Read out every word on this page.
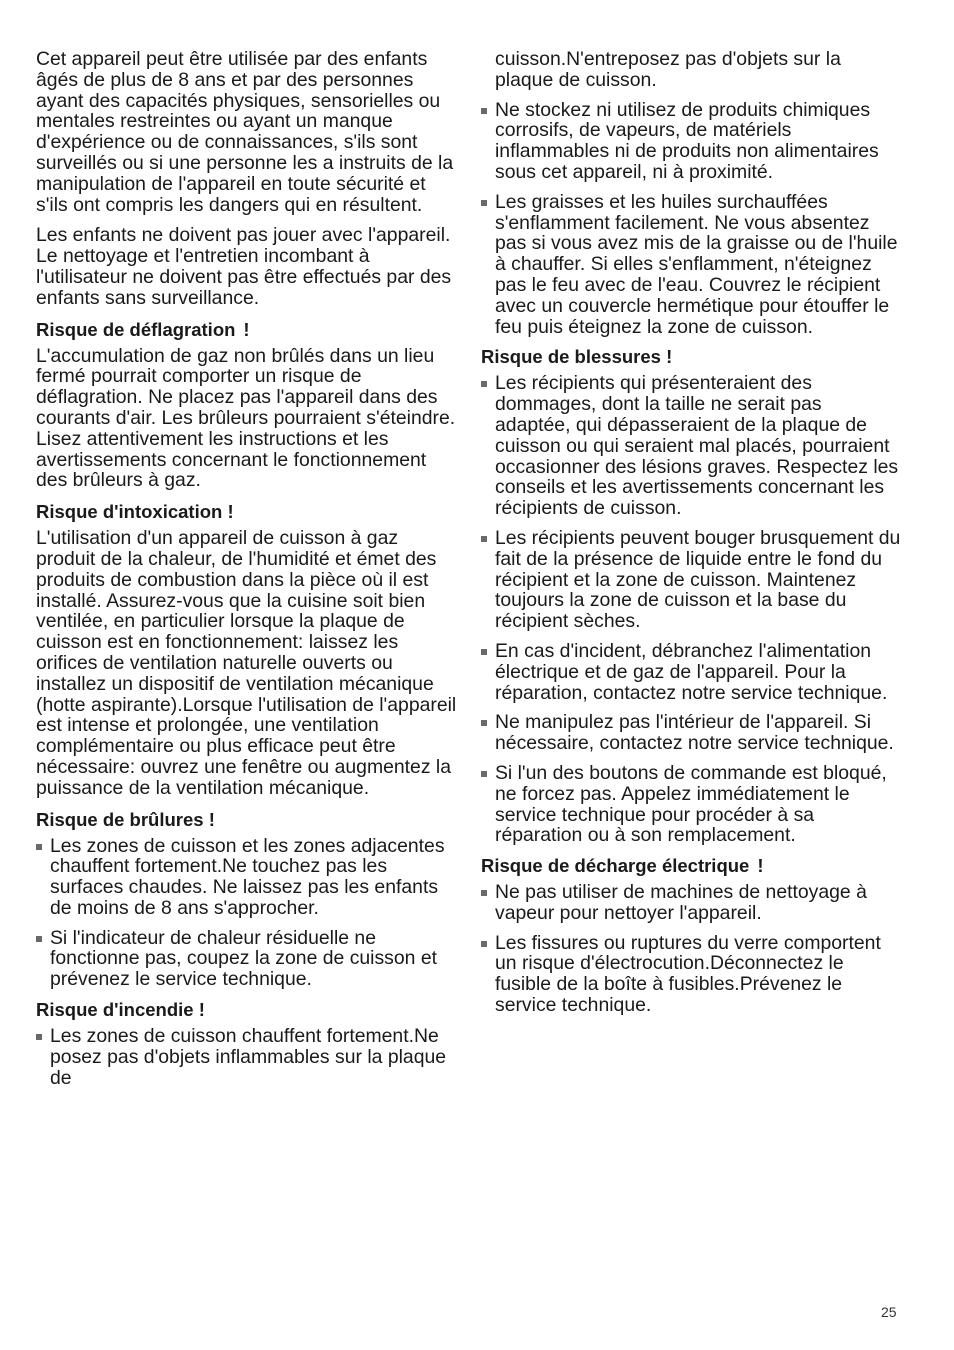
Cet appareil peut être utilisée par des enfants âgés de plus de 8 ans et par des personnes ayant des capacités physiques, sensorielles ou mentales restreintes ou ayant un manque d'expérience ou de connaissances, s'ils sont surveillés ou si une personne les a instruits de la manipulation de l'appareil en toute sécurité et s'ils ont compris les dangers qui en résultent.

Les enfants ne doivent pas jouer avec l'appareil. Le nettoyage et l'entretien incombant à l'utilisateur ne doivent pas être effectués par des enfants sans surveillance.

Risque de déflagration !

L'accumulation de gaz non brûlés dans un lieu fermé pourrait comporter un risque de déflagration. Ne placez pas l'appareil dans des courants d'air. Les brûleurs pourraient s'éteindre. Lisez attentivement les instructions et les avertissements concernant le fonctionnement des brûleurs à gaz.

Risque d'intoxication !

L'utilisation d'un appareil de cuisson à gaz produit de la chaleur, de l'humidité et émet des produits de combustion dans la pièce où il est installé. Assurez-vous que la cuisine soit bien ventilée, en particulier lorsque la plaque de cuisson est en fonctionnement: laissez les orifices de ventilation naturelle ouverts ou installez un dispositif de ventilation mécanique (hotte aspirante).Lorsque l'utilisation de l'appareil est intense et prolongée, une ventilation complémentaire ou plus efficace peut être nécessaire: ouvrez une fenêtre ou augmentez la puissance de la ventilation mécanique.

Risque de brûlures !
Les zones de cuisson et les zones adjacentes chauffent fortement.Ne touchez pas les surfaces chaudes. Ne laissez pas les enfants de moins de 8 ans s'approcher.
Si l'indicateur de chaleur résiduelle ne fonctionne pas, coupez la zone de cuisson et prévenez le service technique.
Risque d'incendie !
Les zones de cuisson chauffent fortement.Ne posez pas d'objets inflammables sur la plaque de

cuisson.N'entreposez pas d'objets sur la plaque de cuisson.

Ne stockez ni utilisez de produits chimiques corrosifs, de vapeurs, de matériels inflammables ni de produits non alimentaires sous cet appareil, ni à proximité.
Les graisses et les huiles surchauffées s'enflamment facilement. Ne vous absentez pas si vous avez mis de la graisse ou de l'huile à chauffer. Si elles s'enflamment, n'éteignez pas le feu avec de l'eau. Couvrez le récipient avec un couvercle hermétique pour étouffer le feu puis éteignez la zone de cuisson.
Risque de blessures !
Les récipients qui présenteraient des dommages, dont la taille ne serait pas adaptée, qui dépasseraient de la plaque de cuisson ou qui seraient mal placés, pourraient occasionner des lésions graves. Respectez les conseils et les avertissements concernant les récipients de cuisson.
Les récipients peuvent bouger brusquement du fait de la présence de liquide entre le fond du récipient et la zone de cuisson. Maintenez toujours la zone de cuisson et la base du récipient sèches.
En cas d'incident, débranchez l'alimentation électrique et de gaz de l'appareil. Pour la réparation, contactez notre service technique.
Ne manipulez pas l'intérieur de l'appareil. Si nécessaire, contactez notre service technique.
Si l'un des boutons de commande est bloqué, ne forcez pas. Appelez immédiatement le service technique pour procéder à sa réparation ou à son remplacement.
Risque de décharge électrique !
Ne pas utiliser de machines de nettoyage à vapeur pour nettoyer l'appareil.
Les fissures ou ruptures du verre comportent un risque d'électrocution.Déconnectez le fusible de la boîte à fusibles.Prévenez le service technique.
25
